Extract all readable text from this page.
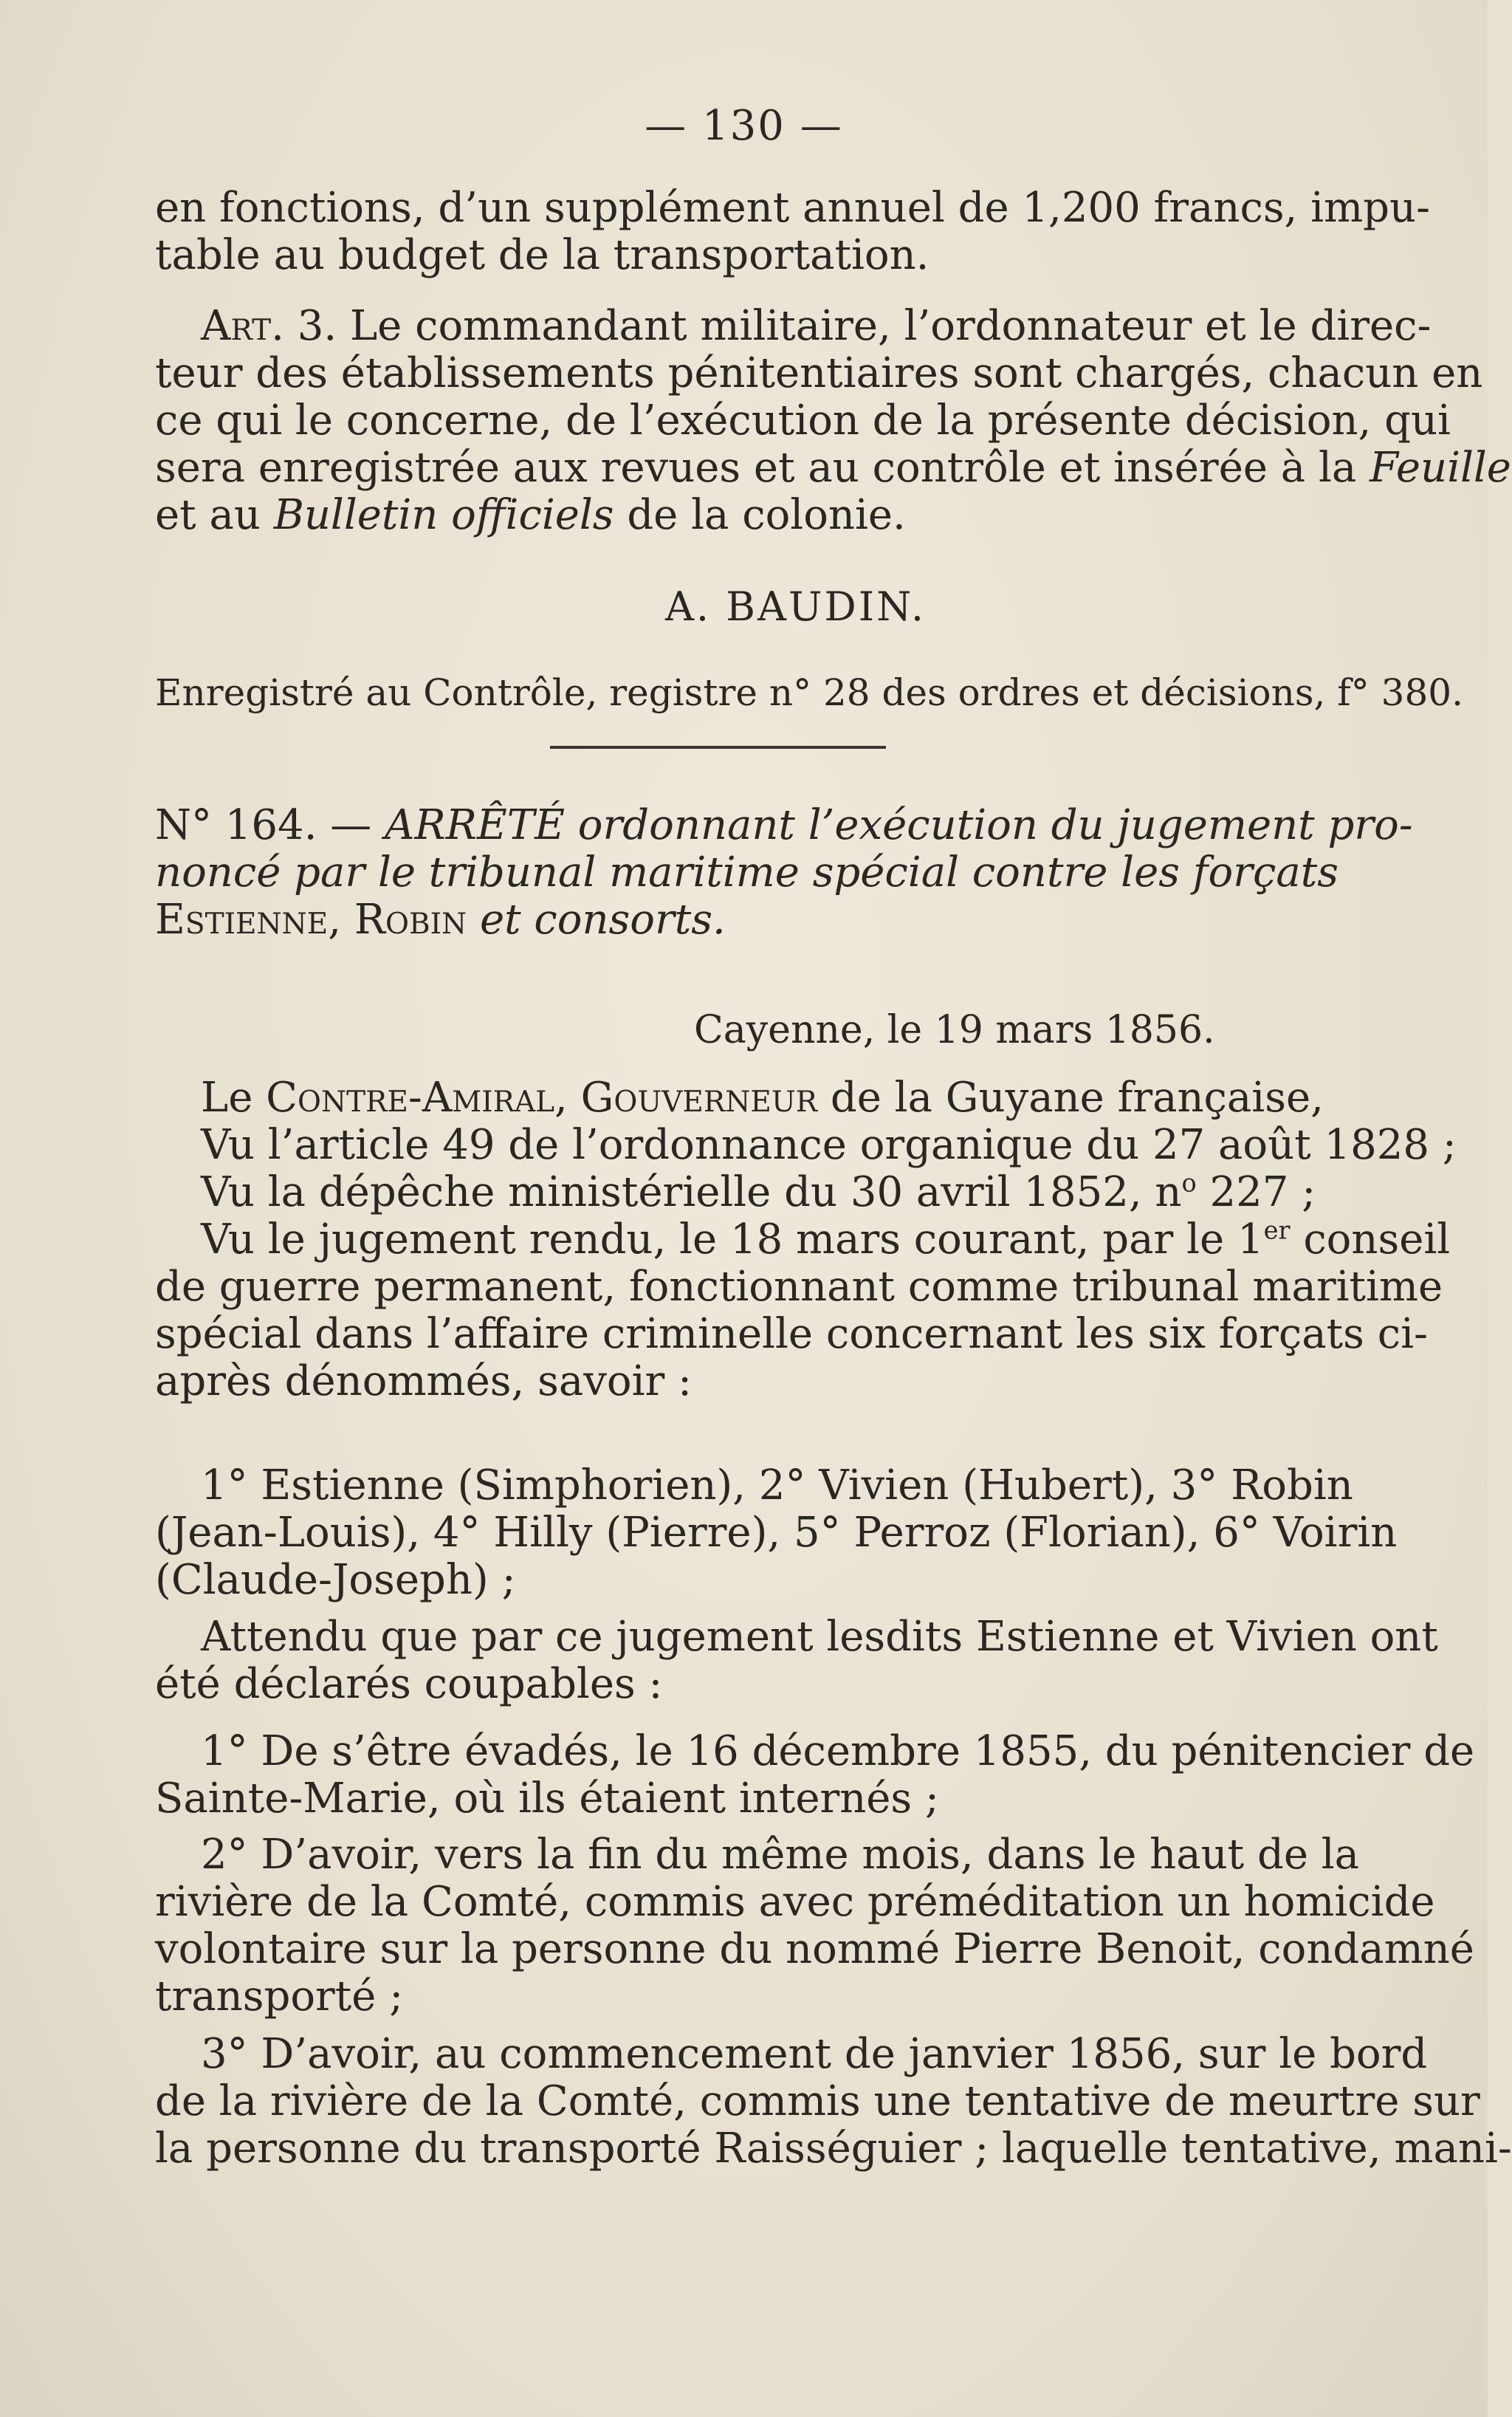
— 130 —
en fonctions, d’un supplément annuel de 1,200 francs, impu-
table au budget de la transportation.
Art. 3. Le commandant militaire, l’ordonnateur et le direc-
teur des établissements pénitentiaires sont chargés, chacun en
ce qui le concerne, de l’exécution de la présente décision, qui
sera enregistrée aux revues et au contrôle et insérée à la Feuille
et au Bulletin officiels de la colonie.
A. BAUDIN.
Enregistré au Contrôle, registre n° 28 des ordres et décisions, f° 380.
N° 164. — ARRÊTÉ ordonnant l’exécution du jugement pro-
noncé par le tribunal maritime spécial contre les forçats
Estienne, Robin et consorts.
Cayenne, le 19 mars 1856.
Le Contre-Amiral, Gouverneur de la Guyane française,
Vu l’article 49 de l’ordonnance organique du 27 août 1828 ;
Vu la dépêche ministérielle du 30 avril 1852, $n^o$ 227 ;
Vu le jugement rendu, le 18 mars courant, par le 1er conseil
de guerre permanent, fonctionnant comme tribunal maritime
spécial dans l’affaire criminelle concernant les six forçats ci-
après dénommés, savoir :
1° Estienne (Simphorien), 2° Vivien (Hubert), 3° Robin
(Jean-Louis), 4° Hilly (Pierre), 5° Perroz (Florian), 6° Voirin
(Claude-Joseph) ;
Attendu que par ce jugement lesdits Estienne et Vivien ont
été déclarés coupables :
1° De s’être évadés, le 16 décembre 1855, du pénitencier de
Sainte-Marie, où ils étaient internés ;
2° D’avoir, vers la fin du même mois, dans le haut de la
rivière de la Comté, commis avec préméditation un homicide
volontaire sur la personne du nommé Pierre Benoit, condamné
transporté ;
3° D’avoir, au commencement de janvier 1856, sur le bord
de la rivière de la Comté, commis une tentative de meurtre sur
la personne du transporté Raisséguier ; laquelle tentative, mani-
